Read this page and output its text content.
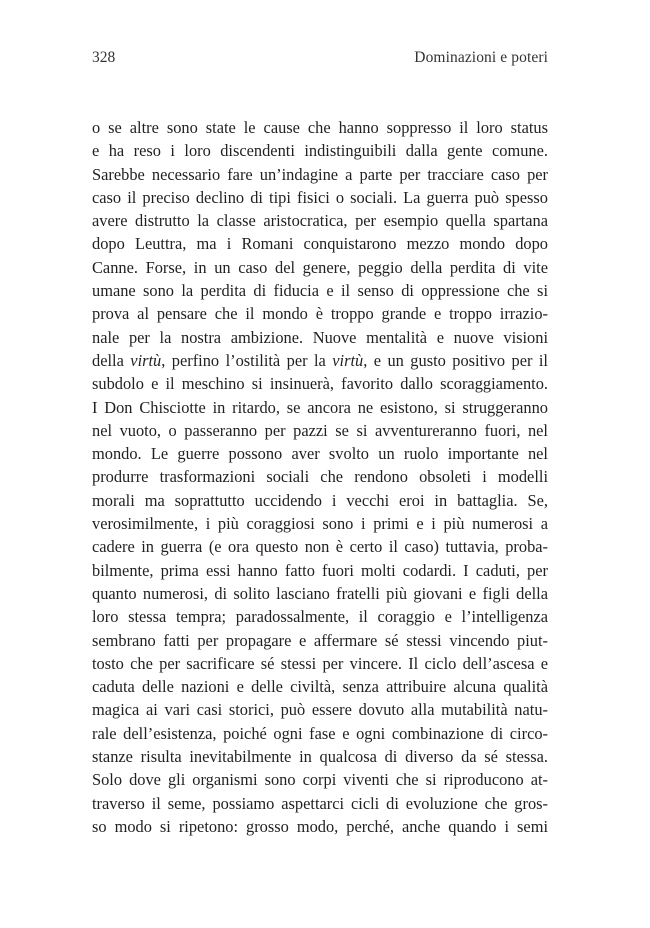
328	Dominazioni e poteri
o se altre sono state le cause che hanno soppresso il loro status
e ha reso i loro discendenti indistinguibili dalla gente comune.
Sarebbe necessario fare un’indagine a parte per tracciare caso per
caso il preciso declino di tipi fisici o sociali. La guerra può spesso
avere distrutto la classe aristocratica, per esempio quella spartana
dopo Leuttra, ma i Romani conquistarono mezzo mondo dopo
Canne. Forse, in un caso del genere, peggio della perdita di vite
umane sono la perdita di fiducia e il senso di oppressione che si
prova al pensare che il mondo è troppo grande e troppo irrazio-
nale per la nostra ambizione. Nuove mentalità e nuove visioni
della virtù, perfino l’ostilità per la virtù, e un gusto positivo per il
subdolo e il meschino si insinuerà, favorito dallo scoraggiamento.
I Don Chisciotte in ritardo, se ancora ne esistono, si struggeranno
nel vuoto, o passeranno per pazzi se si avventureranno fuori, nel
mondo. Le guerre possono aver svolto un ruolo importante nel
produrre trasformazioni sociali che rendono obsoleti i modelli
morali ma soprattutto uccidendo i vecchi eroi in battaglia. Se,
verosimilmente, i più coraggiosi sono i primi e i più numerosi a
cadere in guerra (e ora questo non è certo il caso) tuttavia, proba-
bilmente, prima essi hanno fatto fuori molti codardi. I caduti, per
quanto numerosi, di solito lasciano fratelli più giovani e figli della
loro stessa tempra; paradossalmente, il coraggio e l’intelligenza
sembrano fatti per propagare e affermare sé stessi vincendo piut-
tosto che per sacrificare sé stessi per vincere. Il ciclo dell’ascesa e
caduta delle nazioni e delle civiltà, senza attribuire alcuna qualità
magica ai vari casi storici, può essere dovuto alla mutabilità natu-
rale dell’esistenza, poiché ogni fase e ogni combinazione di circo-
stanze risulta inevitabilmente in qualcosa di diverso da sé stessa.
Solo dove gli organismi sono corpi viventi che si riproducono at-
traverso il seme, possiamo aspettarci cicli di evoluzione che gros-
so modo si ripetono: grosso modo, perché, anche quando i semi
